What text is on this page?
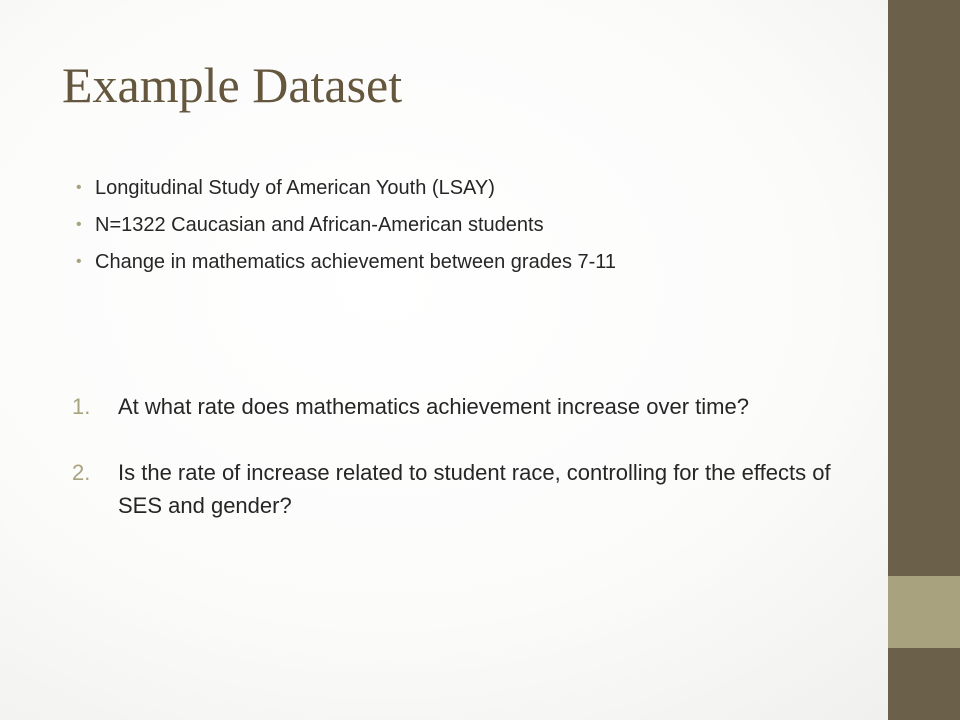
Example Dataset
• Longitudinal Study of American Youth (LSAY)
• N=1322 Caucasian and African-American students
• Change in mathematics achievement between grades 7-11
1. At what rate does mathematics achievement increase over time?
2. Is the rate of increase related to student race, controlling for the effects of SES and gender?
